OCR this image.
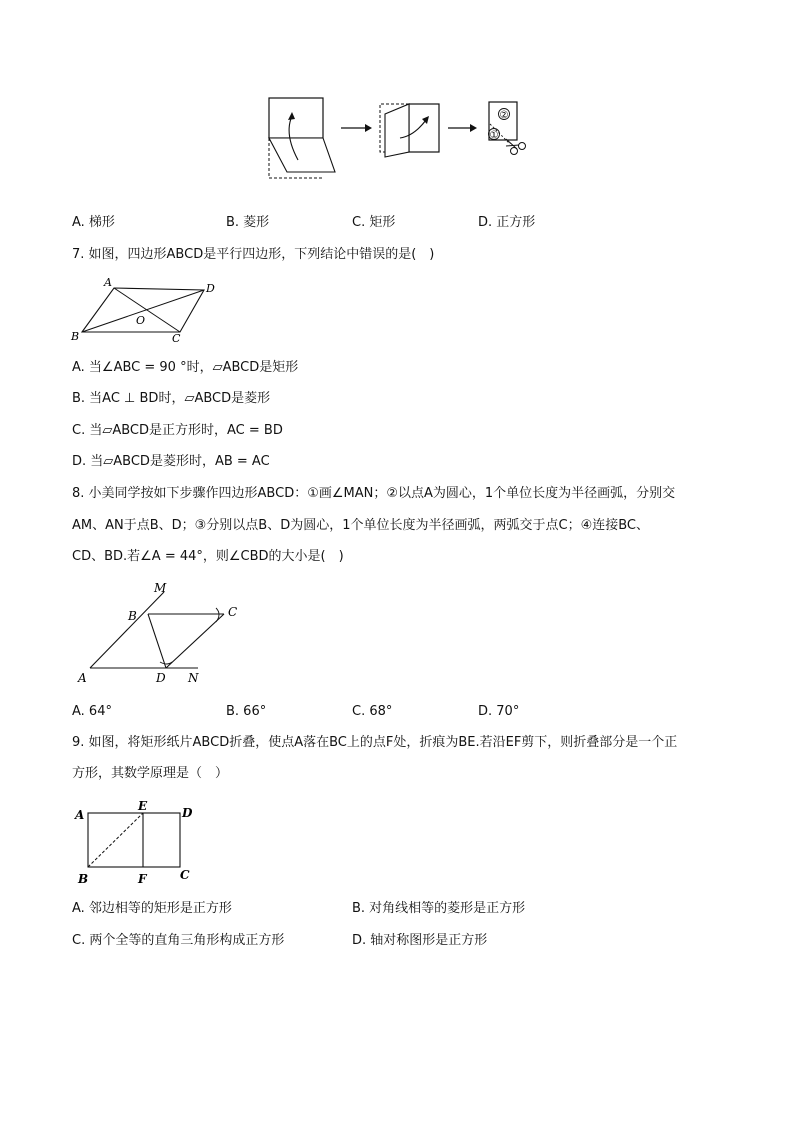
②
①
A. 梯形	B. 菱形	C. 矩形	D. 正方形
7. 如图，四边形ABCD是平行四边形，下列结论中错误的是(　)
A	D
B	C
O
A. 当∠ABC = 90 °时，▱ABCD是矩形
B. 当AC ⊥ BD时，▱ABCD是菱形
C. 当▱ABCD是正方形时，AC = BD
D. 当▱ABCD是菱形时，AB = AC
8. 小美同学按如下步骤作四边形ABCD：①画∠MAN；②以点A为圆心，1个单位长度为半径画弧，分别交
AM、AN于点B、D；③分别以点B、D为圆心，1个单位长度为半径画弧，两弧交于点C；④连接BC、
CD、BD.若∠A = 44°，则∠CBD的大小是(　)
M
B	C
A	D N
A. 64°	B. 66°	C. 68°	D. 70°
9. 如图，将矩形纸片ABCD折叠，使点A落在BC上的点F处，折痕为BE.若沿EF剪下，则折叠部分是一个正
方形，其数学原理是（　）
A
E	D
B	F	C
A. 邻边相等的矩形是正方形	B. 对角线相等的菱形是正方形
C. 两个全等的直角三角形构成正方形	D. 轴对称图形是正方形
